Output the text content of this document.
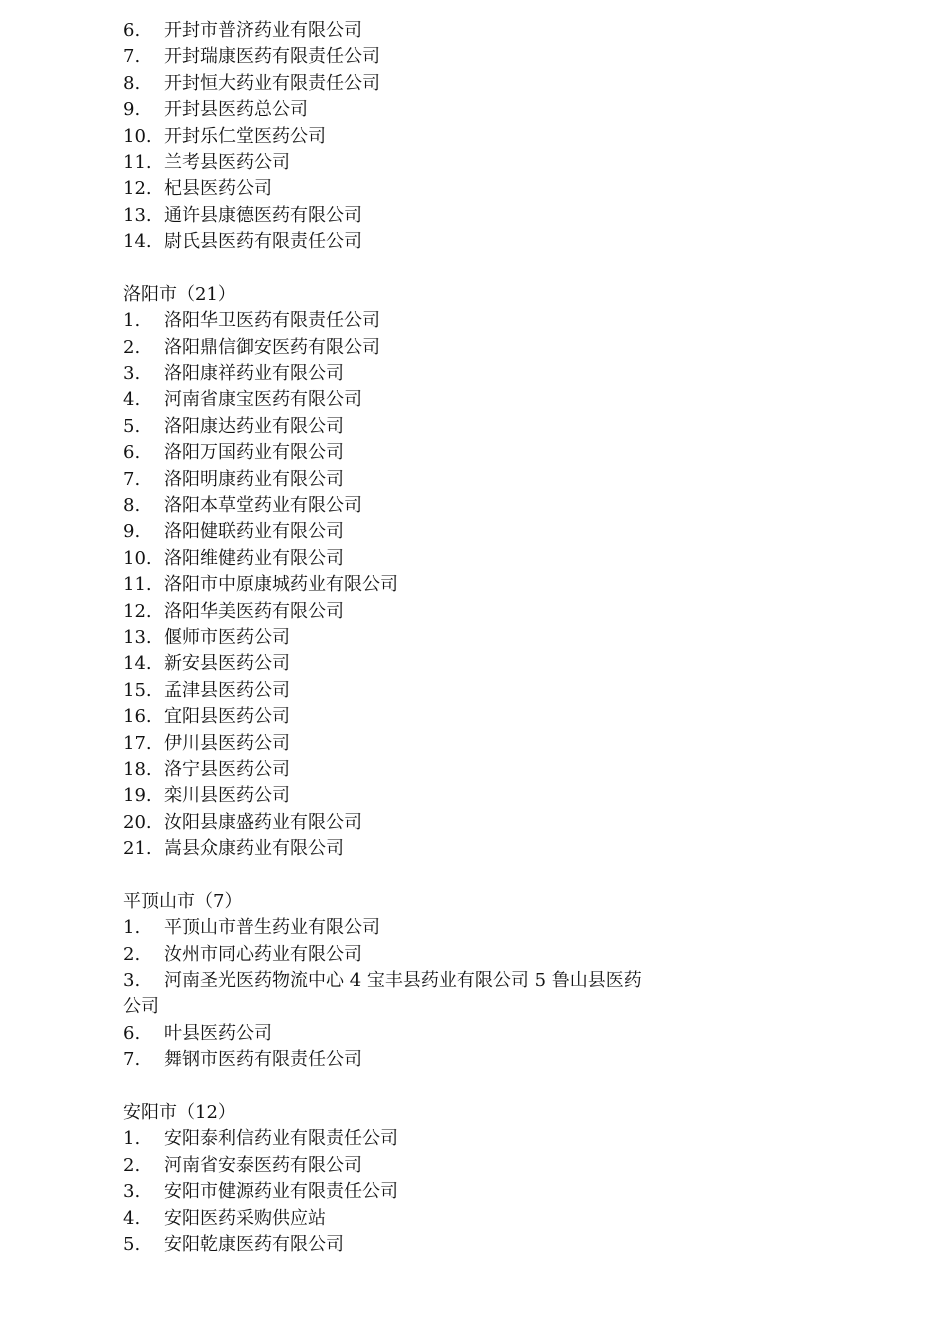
6.	开封市普济药业有限公司
7.	开封瑞康医药有限责任公司
8.	开封恒大药业有限责任公司
9.	开封县医药总公司
10. 开封乐仁堂医药公司
11. 兰考县医药公司
12. 杞县医药公司
13. 通许县康德医药有限公司
14. 尉氏县医药有限责任公司
洛阳市（21）
1.	洛阳华卫医药有限责任公司
2.	洛阳鼎信御安医药有限公司
3.	洛阳康祥药业有限公司
4.	河南省康宝医药有限公司
5.	洛阳康达药业有限公司
6.	洛阳万国药业有限公司
7.	洛阳明康药业有限公司
8.	洛阳本草堂药业有限公司
9.	洛阳健联药业有限公司
10. 洛阳维健药业有限公司
11. 洛阳市中原康城药业有限公司
12. 洛阳华美医药有限公司
13. 偃师市医药公司
14. 新安县医药公司
15. 孟津县医药公司
16. 宜阳县医药公司
17. 伊川县医药公司
18. 洛宁县医药公司
19. 栾川县医药公司
20. 汝阳县康盛药业有限公司
21. 嵩县众康药业有限公司
平顶山市（7）
1.	平顶山市普生药业有限公司
2.	汝州市同心药业有限公司
3.	河南圣光医药物流中心 4 宝丰县药业有限公司 5 鲁山县医药
公司
6.	叶县医药公司
7.	舞钢市医药有限责任公司
安阳市（12）
1.	安阳泰利信药业有限责任公司
2.	河南省安泰医药有限公司
3.	安阳市健源药业有限责任公司
4.	安阳医药采购供应站
5.	安阳乾康医药有限公司
